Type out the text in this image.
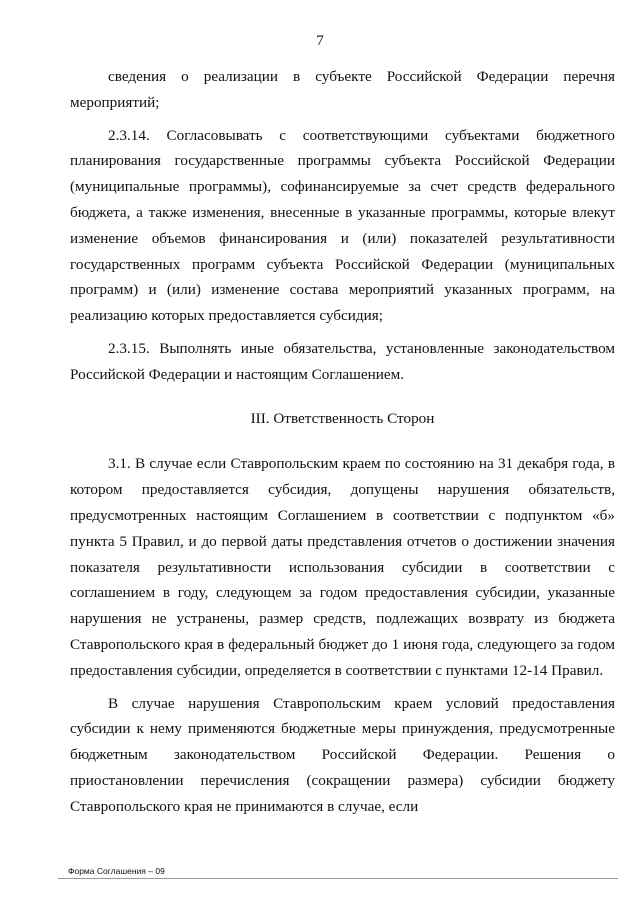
7

сведения о реализации в субъекте Российской Федерации перечня мероприятий;

2.3.14. Согласовывать с соответствующими субъектами бюджетного планирования государственные программы субъекта Российской Федерации (муниципальные программы), софинансируемые за счет средств федерального бюджета, а также изменения, внесенные в указанные программы, которые влекут изменение объемов финансирования и (или) показателей результативности государственных программ субъекта Российской Федерации (муниципальных программ) и (или) изменение состава мероприятий указанных программ, на реализацию которых предоставляется субсидия;

2.3.15. Выполнять иные обязательства, установленные законодательством Российской Федерации и настоящим Соглашением.

III. Ответственность Сторон

3.1. В случае если Ставропольским краем по состоянию на 31 декабря года, в котором предоставляется субсидия, допущены нарушения обязательств, предусмотренных настоящим Соглашением в соответствии с подпунктом «б» пункта 5 Правил, и до первой даты представления отчетов о достижении значения показателя результативности использования субсидии в соответствии с соглашением в году, следующем за годом предоставления субсидии, указанные нарушения не устранены, размер средств, подлежащих возврату из бюджета Ставропольского края в федеральный бюджет до 1 июня года, следующего за годом предоставления субсидии, определяется в соответствии с пунктами 12-14 Правил.

В случае нарушения Ставропольским краем условий предоставления субсидии к нему применяются бюджетные меры принуждения, предусмотренные бюджетным законодательством Российской Федерации. Решения о приостановлении перечисления (сокращении размера) субсидии бюджету Ставропольского края не принимаются в случае, если

Форма Соглашения – 09
